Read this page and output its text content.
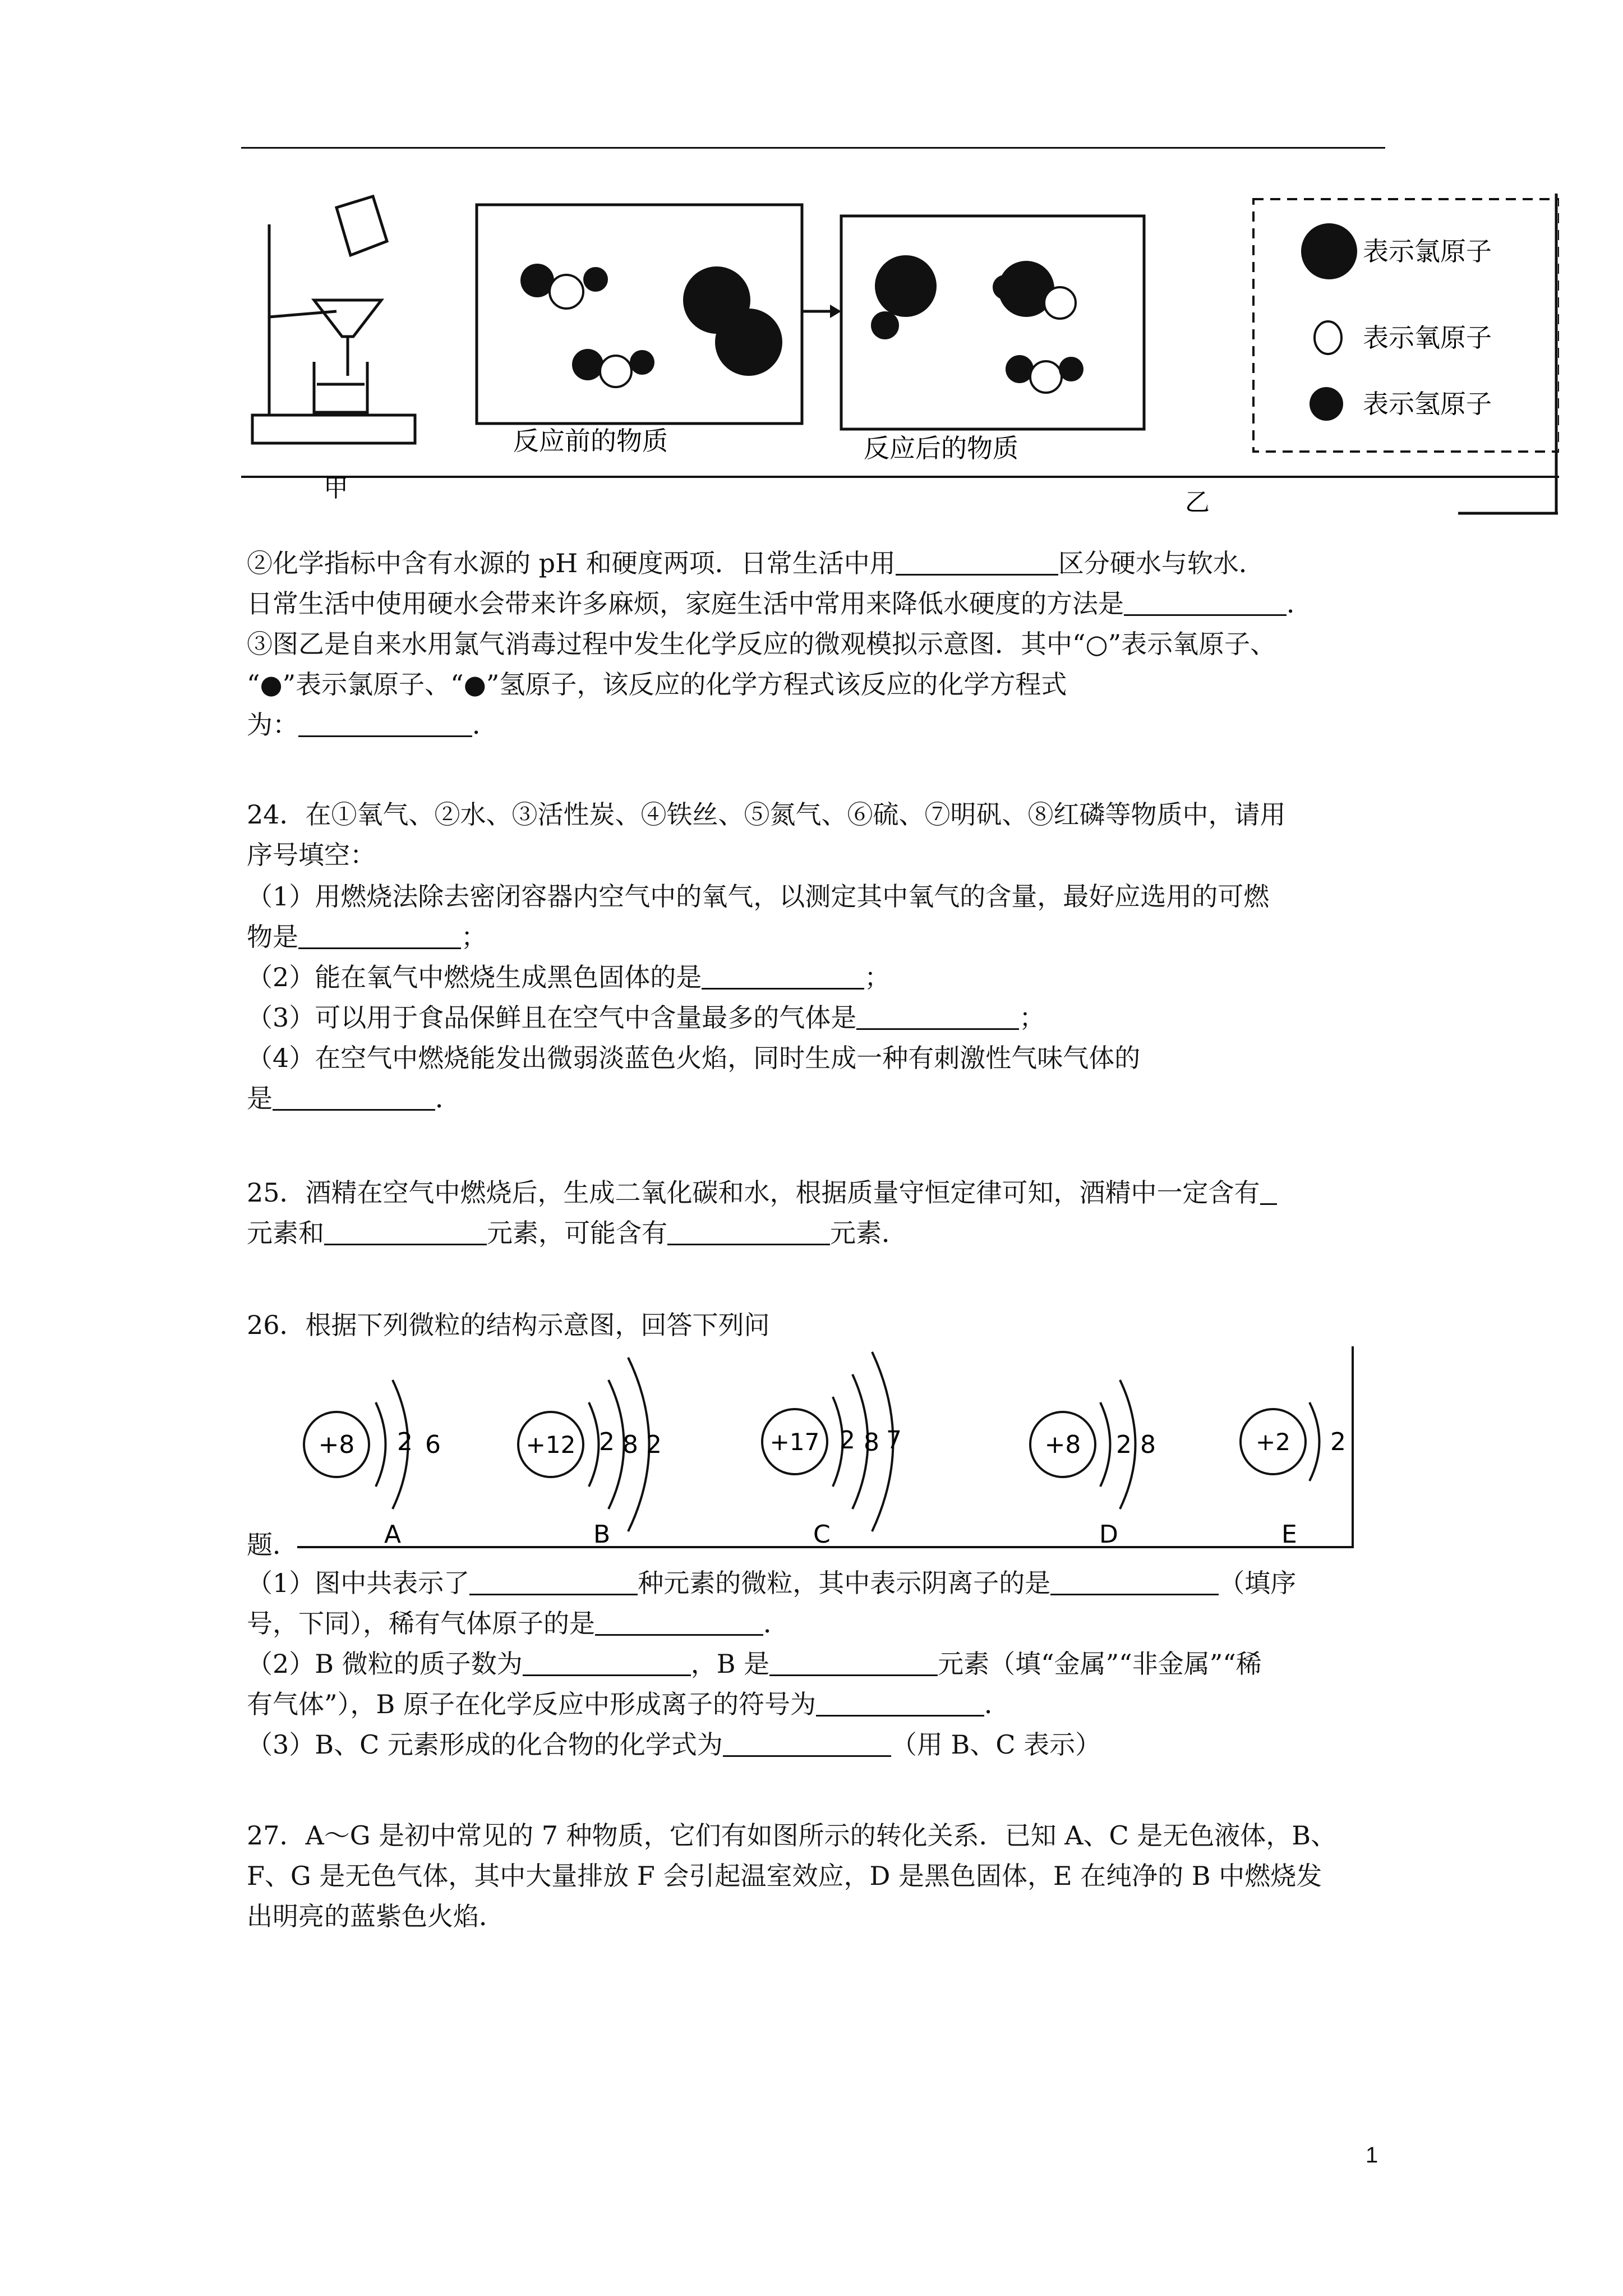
反应前的物质	反应后的物质
表示氯原子
表示氧原子
表示氢原子
甲	乙
②化学指标中含有水源的 pH 和硬度两项．日常生活中用	区分硬水与软水．
日常生活中使用硬水会带来许多麻烦，家庭生活中常用来降低水硬度的方法是	．
③图乙是自来水用氯气消毒过程中发生化学反应的微观模拟示意图．其中“○”表示氧原子、
“●”表示氯原子、“●”氢原子，该反应的化学方程式该反应的化学方程式
为：	．
24．在①氧气、②水、③活性炭、④铁丝、⑤氮气、⑥硫、⑦明矾、⑧红磷等物质中，请用
序号填空：
（1）用燃烧法除去密闭容器内空气中的氧气，以测定其中氧气的含量，最好应选用的可燃
物是	；
（2）能在氧气中燃烧生成黑色固体的是	；
（3）可以用于食品保鲜且在空气中含量最多的气体是	；
（4）在空气中燃烧能发出微弱淡蓝色火焰，同时生成一种有刺激性气味气体的
是	．
25．酒精在空气中燃烧后，生成二氧化碳和水，根据质量守恒定律可知，酒精中一定含有
元素和	元素，可能含有	元素．
26．根据下列微粒的结构示意图，回答下列问
+8 2 6
A
+12 2 8 2
B
+17 2 8 7
C
+8 2 8
D
+2 2
E
题．
（1）图中共表示了	种元素的微粒，其中表示阴离子的是	（填序
号，下同），稀有气体原子的是	．
（2）B 微粒的质子数为	，B 是	元素（填“金属”“非金属”“稀
有气体”），B 原子在化学反应中形成离子的符号为	．
（3）B、C 元素形成的化合物的化学式为	（用 B、C 表示）
27．A～G 是初中常见的 7 种物质，它们有如图所示的转化关系．已知 A、C 是无色液体，B、
F、G 是无色气体，其中大量排放 F 会引起温室效应，D 是黑色固体，E 在纯净的 B 中燃烧发
出明亮的蓝紫色火焰．
1
